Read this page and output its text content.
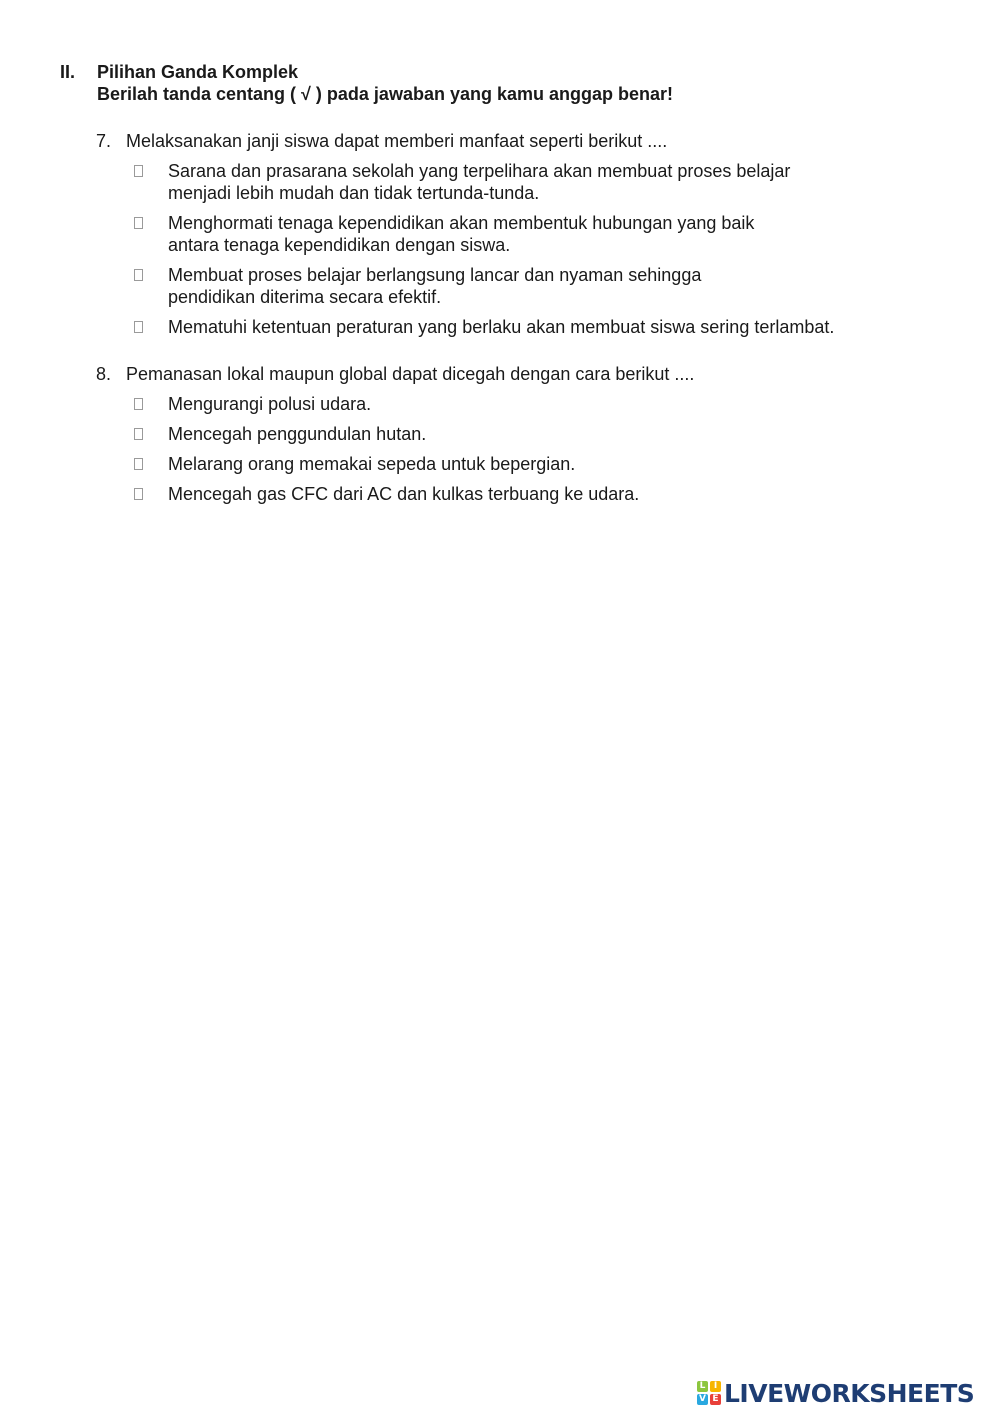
II.	Pilihan Ganda Komplek
Berilah tanda centang ( √ ) pada jawaban yang kamu anggap benar!
7. Melaksanakan janji siswa dapat memberi manfaat seperti berikut ....
Sarana dan prasarana sekolah yang terpelihara akan membuat proses belajar
menjadi lebih mudah dan tidak tertunda-tunda.
Menghormati tenaga kependidikan akan membentuk hubungan yang baik
antara tenaga kependidikan dengan siswa.
Membuat proses belajar berlangsung lancar dan nyaman sehingga
pendidikan diterima secara efektif.
Mematuhi ketentuan peraturan yang berlaku akan membuat siswa sering terlambat.
8. Pemanasan lokal maupun global dapat dicegah dengan cara berikut ....
Mengurangi polusi udara.
Mencegah penggundulan hutan.
Melarang orang memakai sepeda untuk bepergian.
Mencegah gas CFC dari AC dan kulkas terbuang ke udara.
L I
V E LIVEWORKSHEETS
